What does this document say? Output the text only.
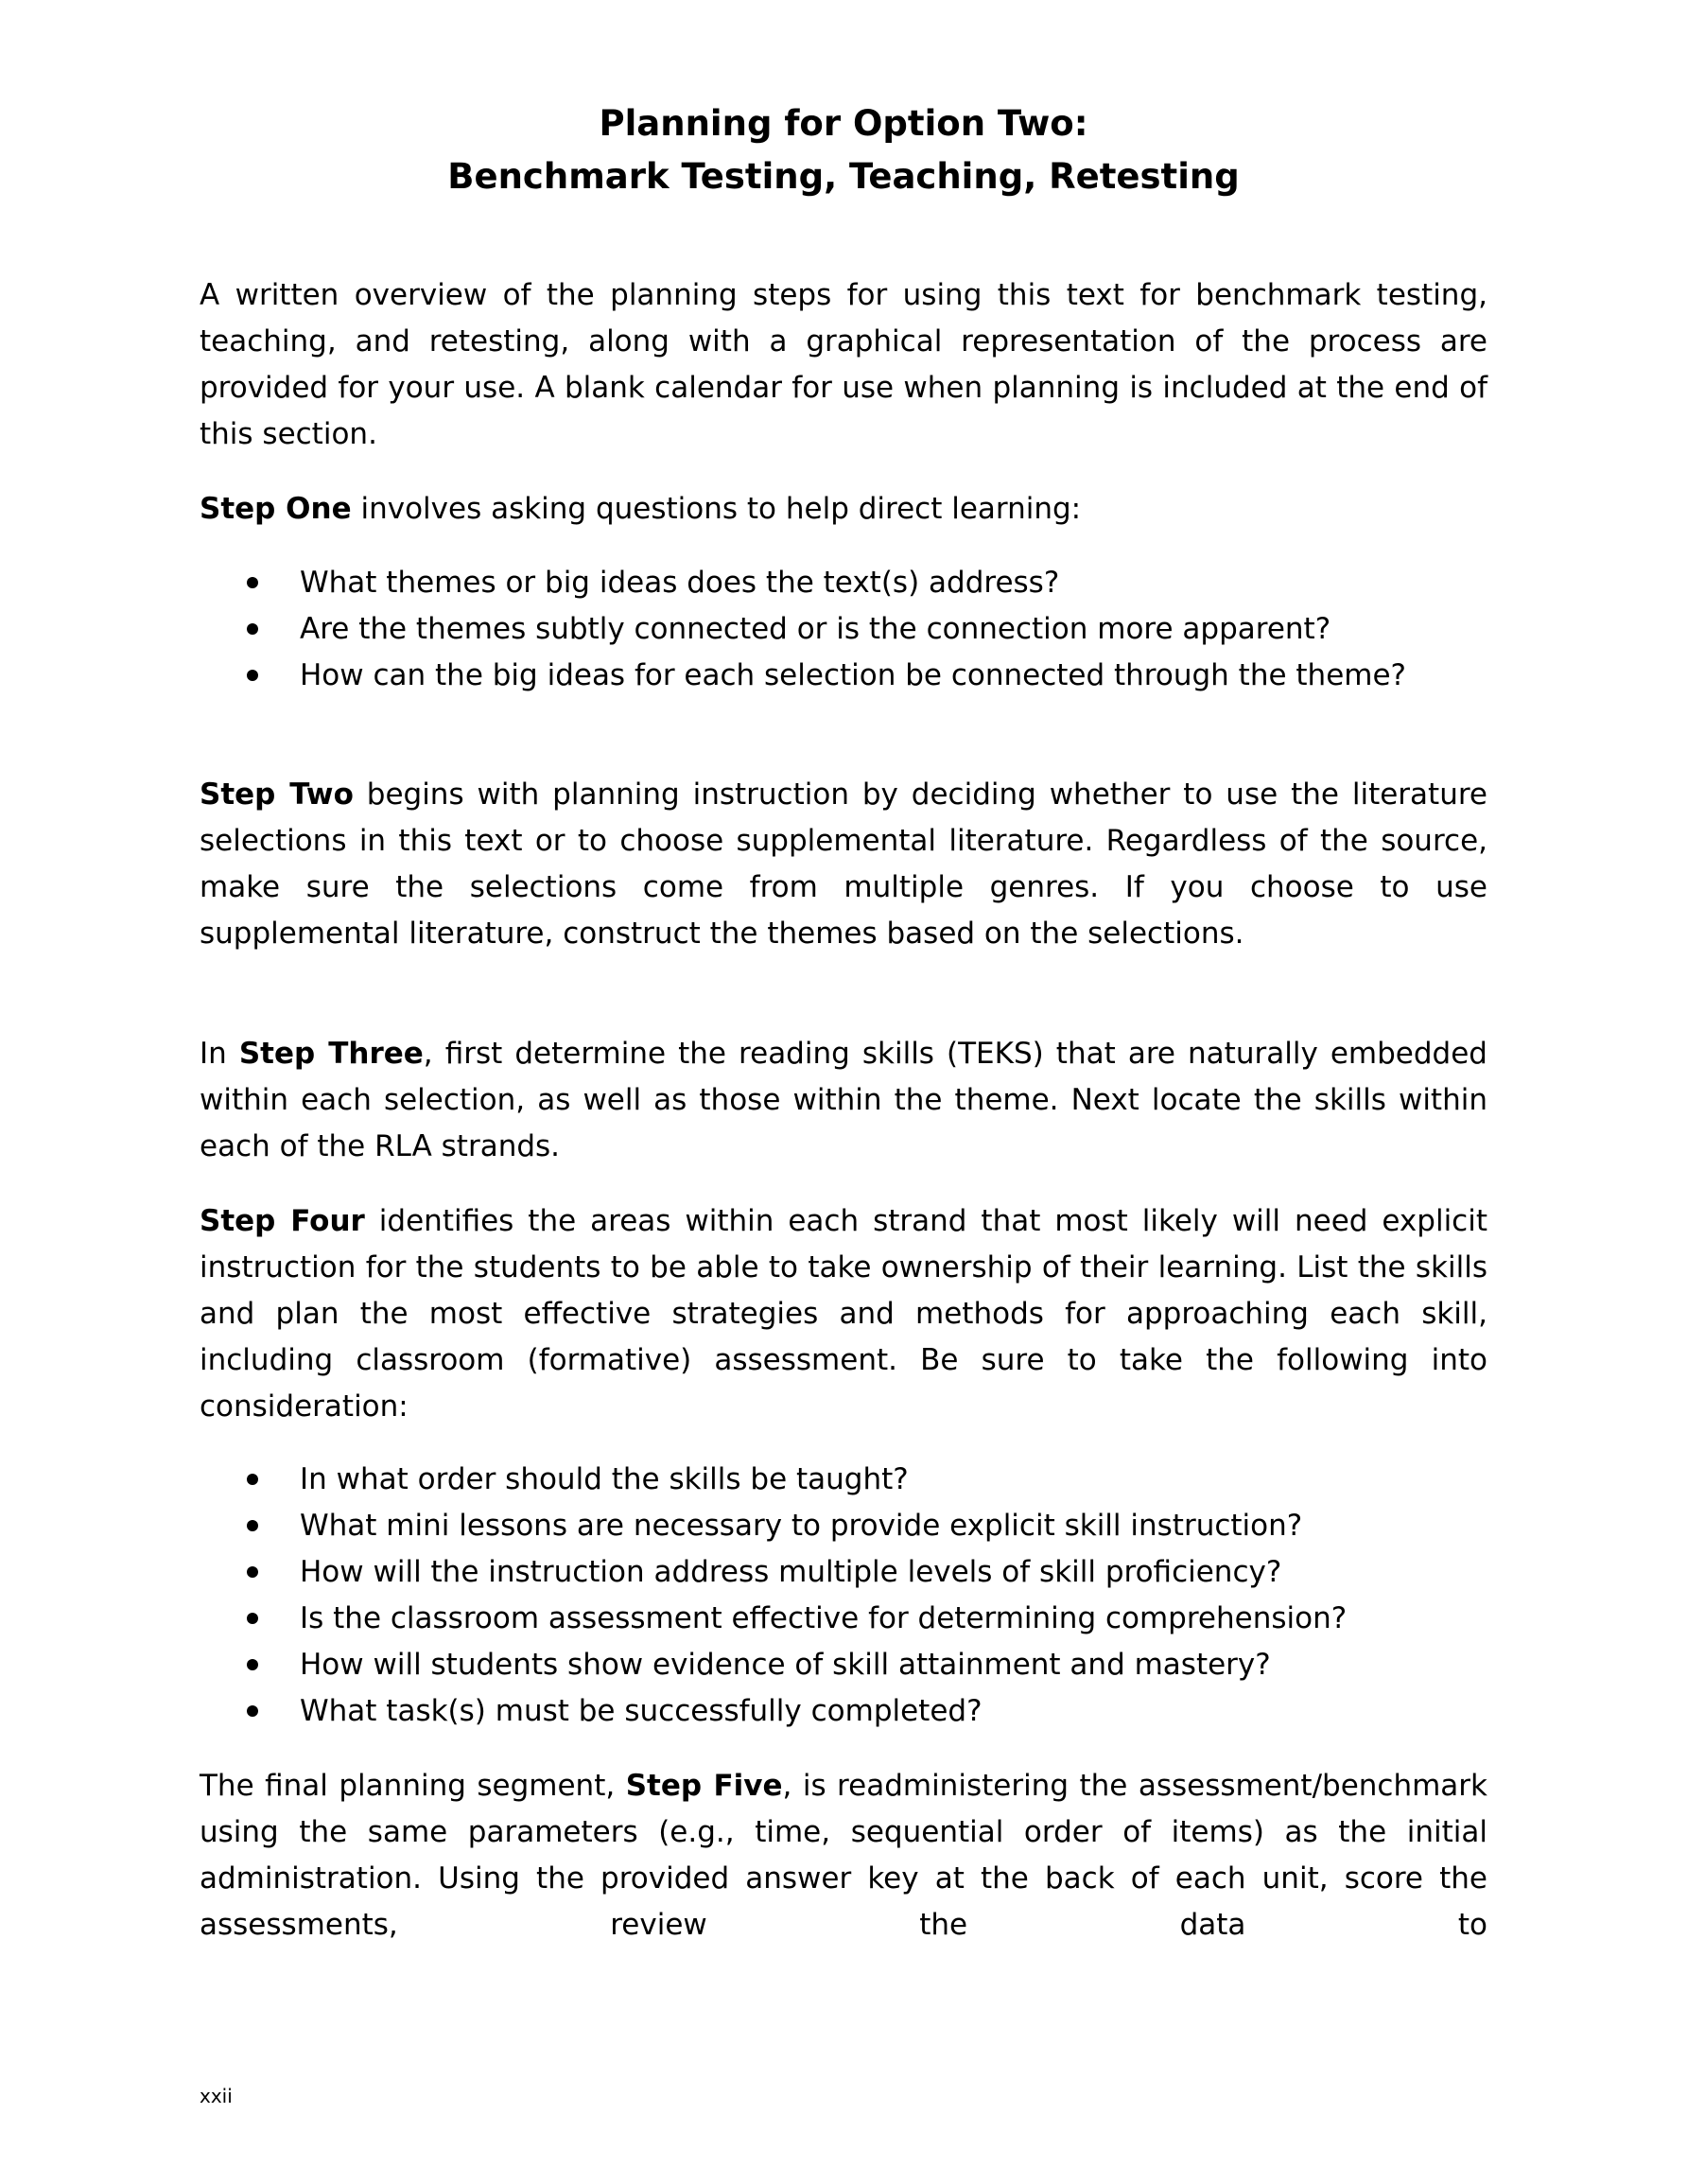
Planning for Option Two:
Benchmark Testing, Teaching, Retesting

A written overview of the planning steps for using this text for benchmark testing, teaching, and retesting, along with a graphical representation of the process are provided for your use. A blank calendar for use when planning is included at the end of this section.

Step One involves asking questions to help direct learning:

What themes or big ideas does the text(s) address?
Are the themes subtly connected or is the connection more apparent?
How can the big ideas for each selection be connected through the theme?

Step Two begins with planning instruction by deciding whether to use the literature selections in this text or to choose supplemental literature. Regardless of the source, make sure the selections come from multiple genres. If you choose to use supplemental literature, construct the themes based on the selections.

In Step Three, first determine the reading skills (TEKS) that are naturally embedded within each selection, as well as those within the theme. Next locate the skills within each of the RLA strands.

Step Four identifies the areas within each strand that most likely will need explicit instruction for the students to be able to take ownership of their learning. List the skills and plan the most effective strategies and methods for approaching each skill, including classroom (formative) assessment. Be sure to take the following into consideration:

In what order should the skills be taught?
What mini lessons are necessary to provide explicit skill instruction?
How will the instruction address multiple levels of skill proficiency?
Is the classroom assessment effective for determining comprehension?
How will students show evidence of skill attainment and mastery?
What task(s) must be successfully completed?

The final planning segment, Step Five, is readministering the assessment/benchmark using the same parameters (e.g., time, sequential order of items) as the initial administration. Using the provided answer key at the back of each unit, score the assessments, review the data to

xxii
